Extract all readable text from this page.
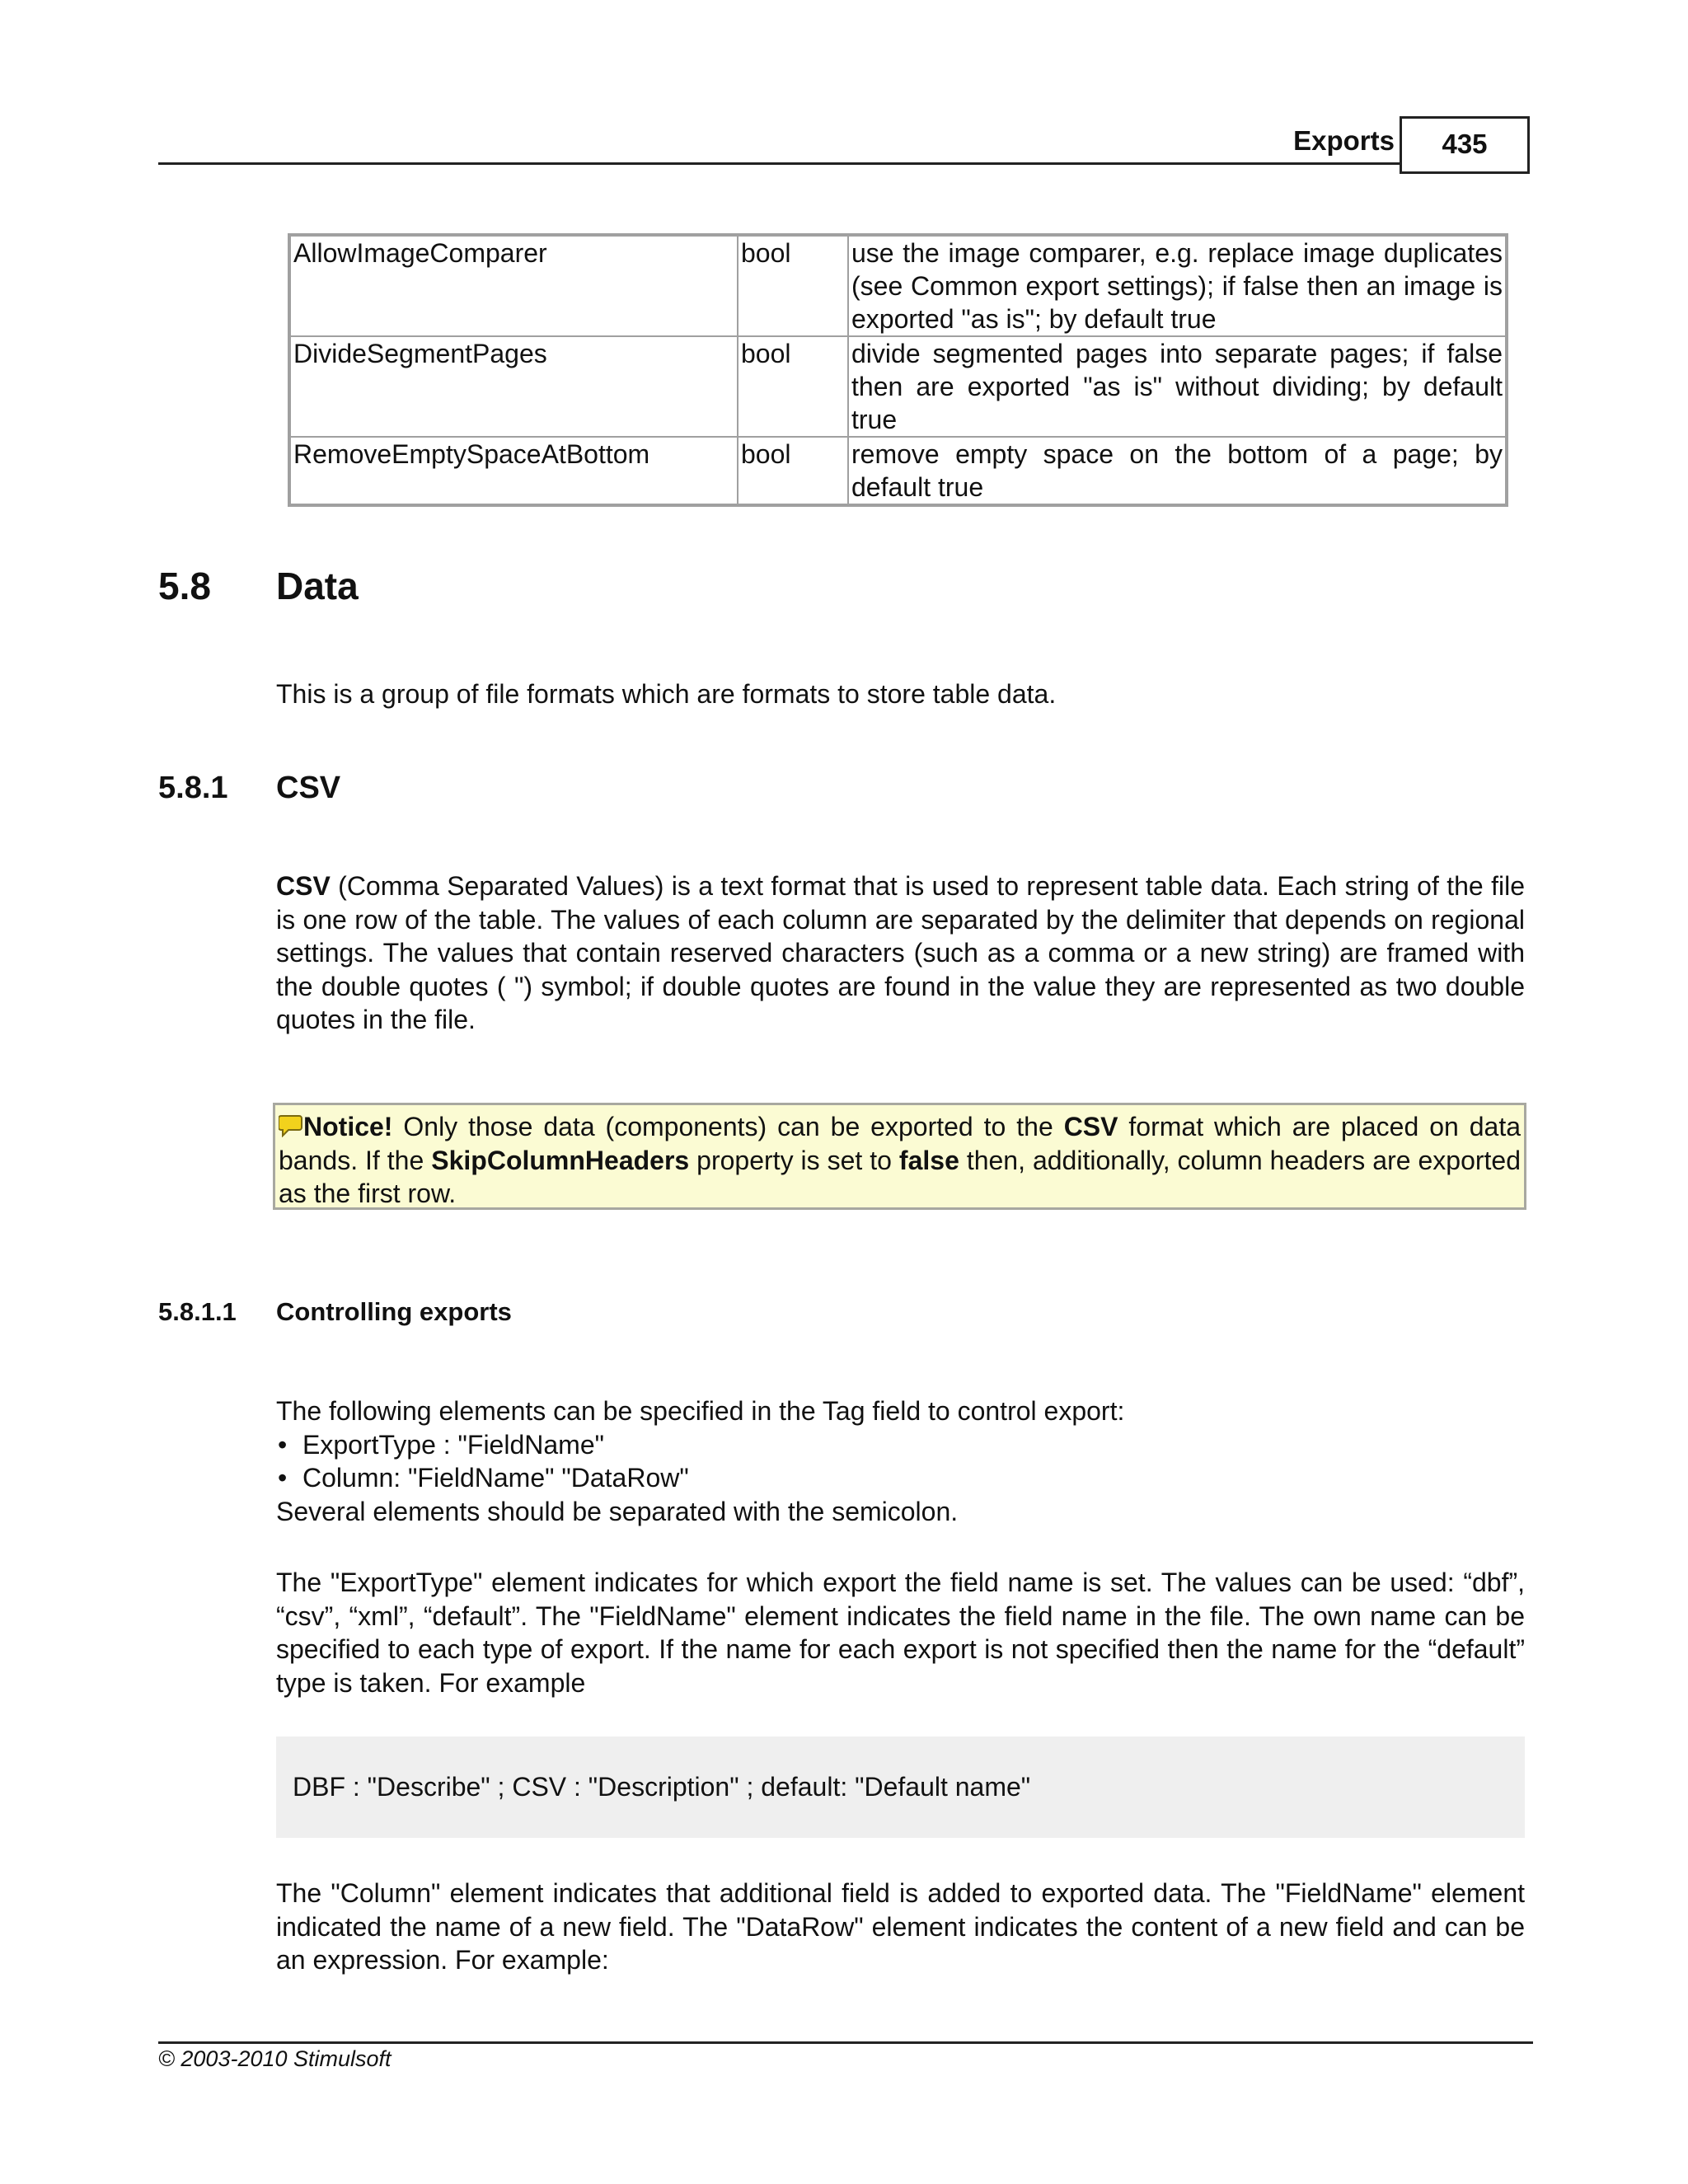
Exports	435
AllowImageComparer	bool	use the image comparer, e.g. replace image duplicates (see Common export settings); if false then an image is exported "as is"; by default true
DivideSegmentPages	bool	divide segmented pages into separate pages; if false then are exported "as is" without dividing; by default true
RemoveEmptySpaceAtBottom	bool	remove empty space on the bottom of a page; by default true
5.8 Data
This is a group of file formats which are formats to store table data.
5.8.1 CSV
CSV (Comma Separated Values) is a text format that is used to represent table data. Each string of the file is one row of the table. The values of each column are separated by the delimiter that depends on regional settings. The values that contain reserved characters (such as a comma or a new string) are framed with the double quotes ( ") symbol; if double quotes are found in the value they are represented as two double quotes in the file.
Notice! Only those data (components) can be exported to the CSV format which are placed on data bands. If the SkipColumnHeaders property is set to false then, additionally, column headers are exported as the first row.
5.8.1.1 Controlling exports
The following elements can be specified in the Tag field to control export:
• ExportType : "FieldName"
• Column: "FieldName" "DataRow"
Several elements should be separated with the semicolon.
The "ExportType" element indicates for which export the field name is set. The values can be used: “dbf”, “csv”, “xml”, “default”. The "FieldName" element indicates the field name in the file. The own name can be specified to each type of export. If the name for each export is not specified then the name for the “default” type is taken. For example
DBF : "Describe" ; CSV : "Description" ; default: "Default name"
The "Column" element indicates that additional field is added to exported data. The "FieldName" element indicated the name of a new field. The "DataRow" element indicates the content of a new field and can be an expression. For example:
© 2003-2010 Stimulsoft
